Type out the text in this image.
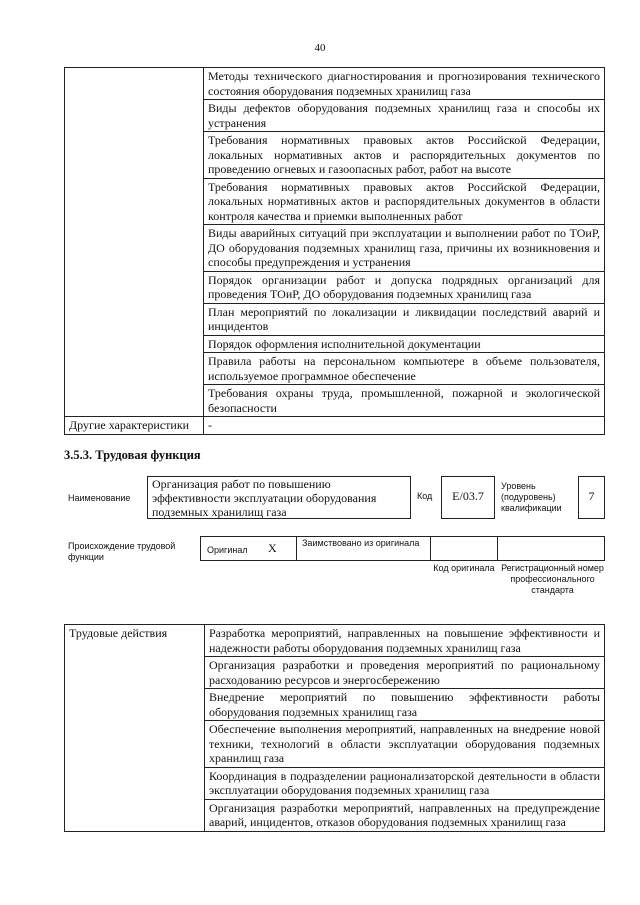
40
	Методы технического диагностирования и прогнозирования технического состояния оборудования подземных хранилищ газа
	Виды дефектов оборудования подземных хранилищ газа и способы их устранения
	Требования нормативных правовых актов Российской Федерации, локальных нормативных актов и распорядительных документов по проведению огневых и газоопасных работ, работ на высоте
	Требования нормативных правовых актов Российской Федерации, локальных нормативных актов и распорядительных документов в области контроля качества и приемки выполненных работ
	Виды аварийных ситуаций при эксплуатации и выполнении работ по ТОиР, ДО оборудования подземных хранилищ газа, причины их возникновения и способы предупреждения и устранения
	Порядок организации работ и допуска подрядных организаций для проведения ТОиР, ДО оборудования подземных хранилищ газа
	План мероприятий по локализации и ликвидации последствий аварий и инцидентов
	Порядок оформления исполнительной документации
	Правила работы на персональном компьютере в объеме пользователя, используемое программное обеспечение
	Требования охраны труда, промышленной, пожарной и экологической безопасности
Другие характеристики	-
3.5.3. Трудовая функция
Наименование
Организация работ по повышению эффективности эксплуатации оборудования подземных хранилищ газа
Код	E/03.7
Уровень (подуровень) квалификации
7
Происхождение трудовой функции
Оригинал X	Заимствовано из оригинала
Код оригинала Регистрационный номер профессионального стандарта
Трудовые действия	Разработка мероприятий, направленных на повышение эффективности и надежности работы оборудования подземных хранилищ газа
Организация разработки и проведения мероприятий по рациональному расходованию ресурсов и энергосбережению
Внедрение мероприятий по повышению эффективности работы оборудования подземных хранилищ газа
Обеспечение выполнения мероприятий, направленных на внедрение новой техники, технологий в области эксплуатации оборудования подземных хранилищ газа
Координация в подразделении рационализаторской деятельности в области эксплуатации оборудования подземных хранилищ газа
Организация разработки мероприятий, направленных на предупреждение аварий, инцидентов, отказов оборудования подземных хранилищ газа
